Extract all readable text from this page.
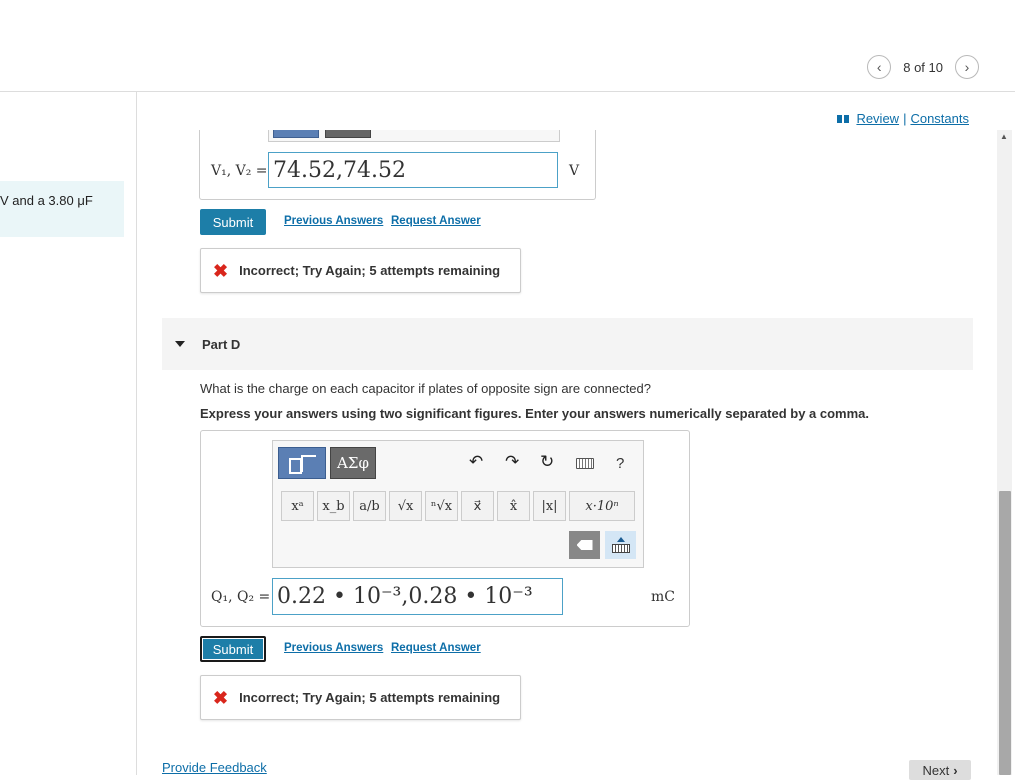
‹ 8 of 10 ›
V and a 3.80 μF
Review | Constants
▲
V₁, V₂ = 74.52,74.52	V
Submit	Previous Answers Request Answer
✖ Incorrect; Try Again; 5 attempts remaining
Part D
What is the charge on each capacitor if plates of opposite sign are connected?
Express your answers using two significant figures. Enter your answers numerically separated by a comma.
ΑΣφ	↶ ↷ ↻	?
xᵃ	x_b	a/b	√x	ⁿ√x	x⃗	x̂	|x|	x·10ⁿ
Q₁, Q₂ = 0.22 • 10⁻³,0.28 • 10⁻³	mC
Submit	Previous Answers Request Answer
✖ Incorrect; Try Again; 5 attempts remaining
Provide Feedback	Next ›
